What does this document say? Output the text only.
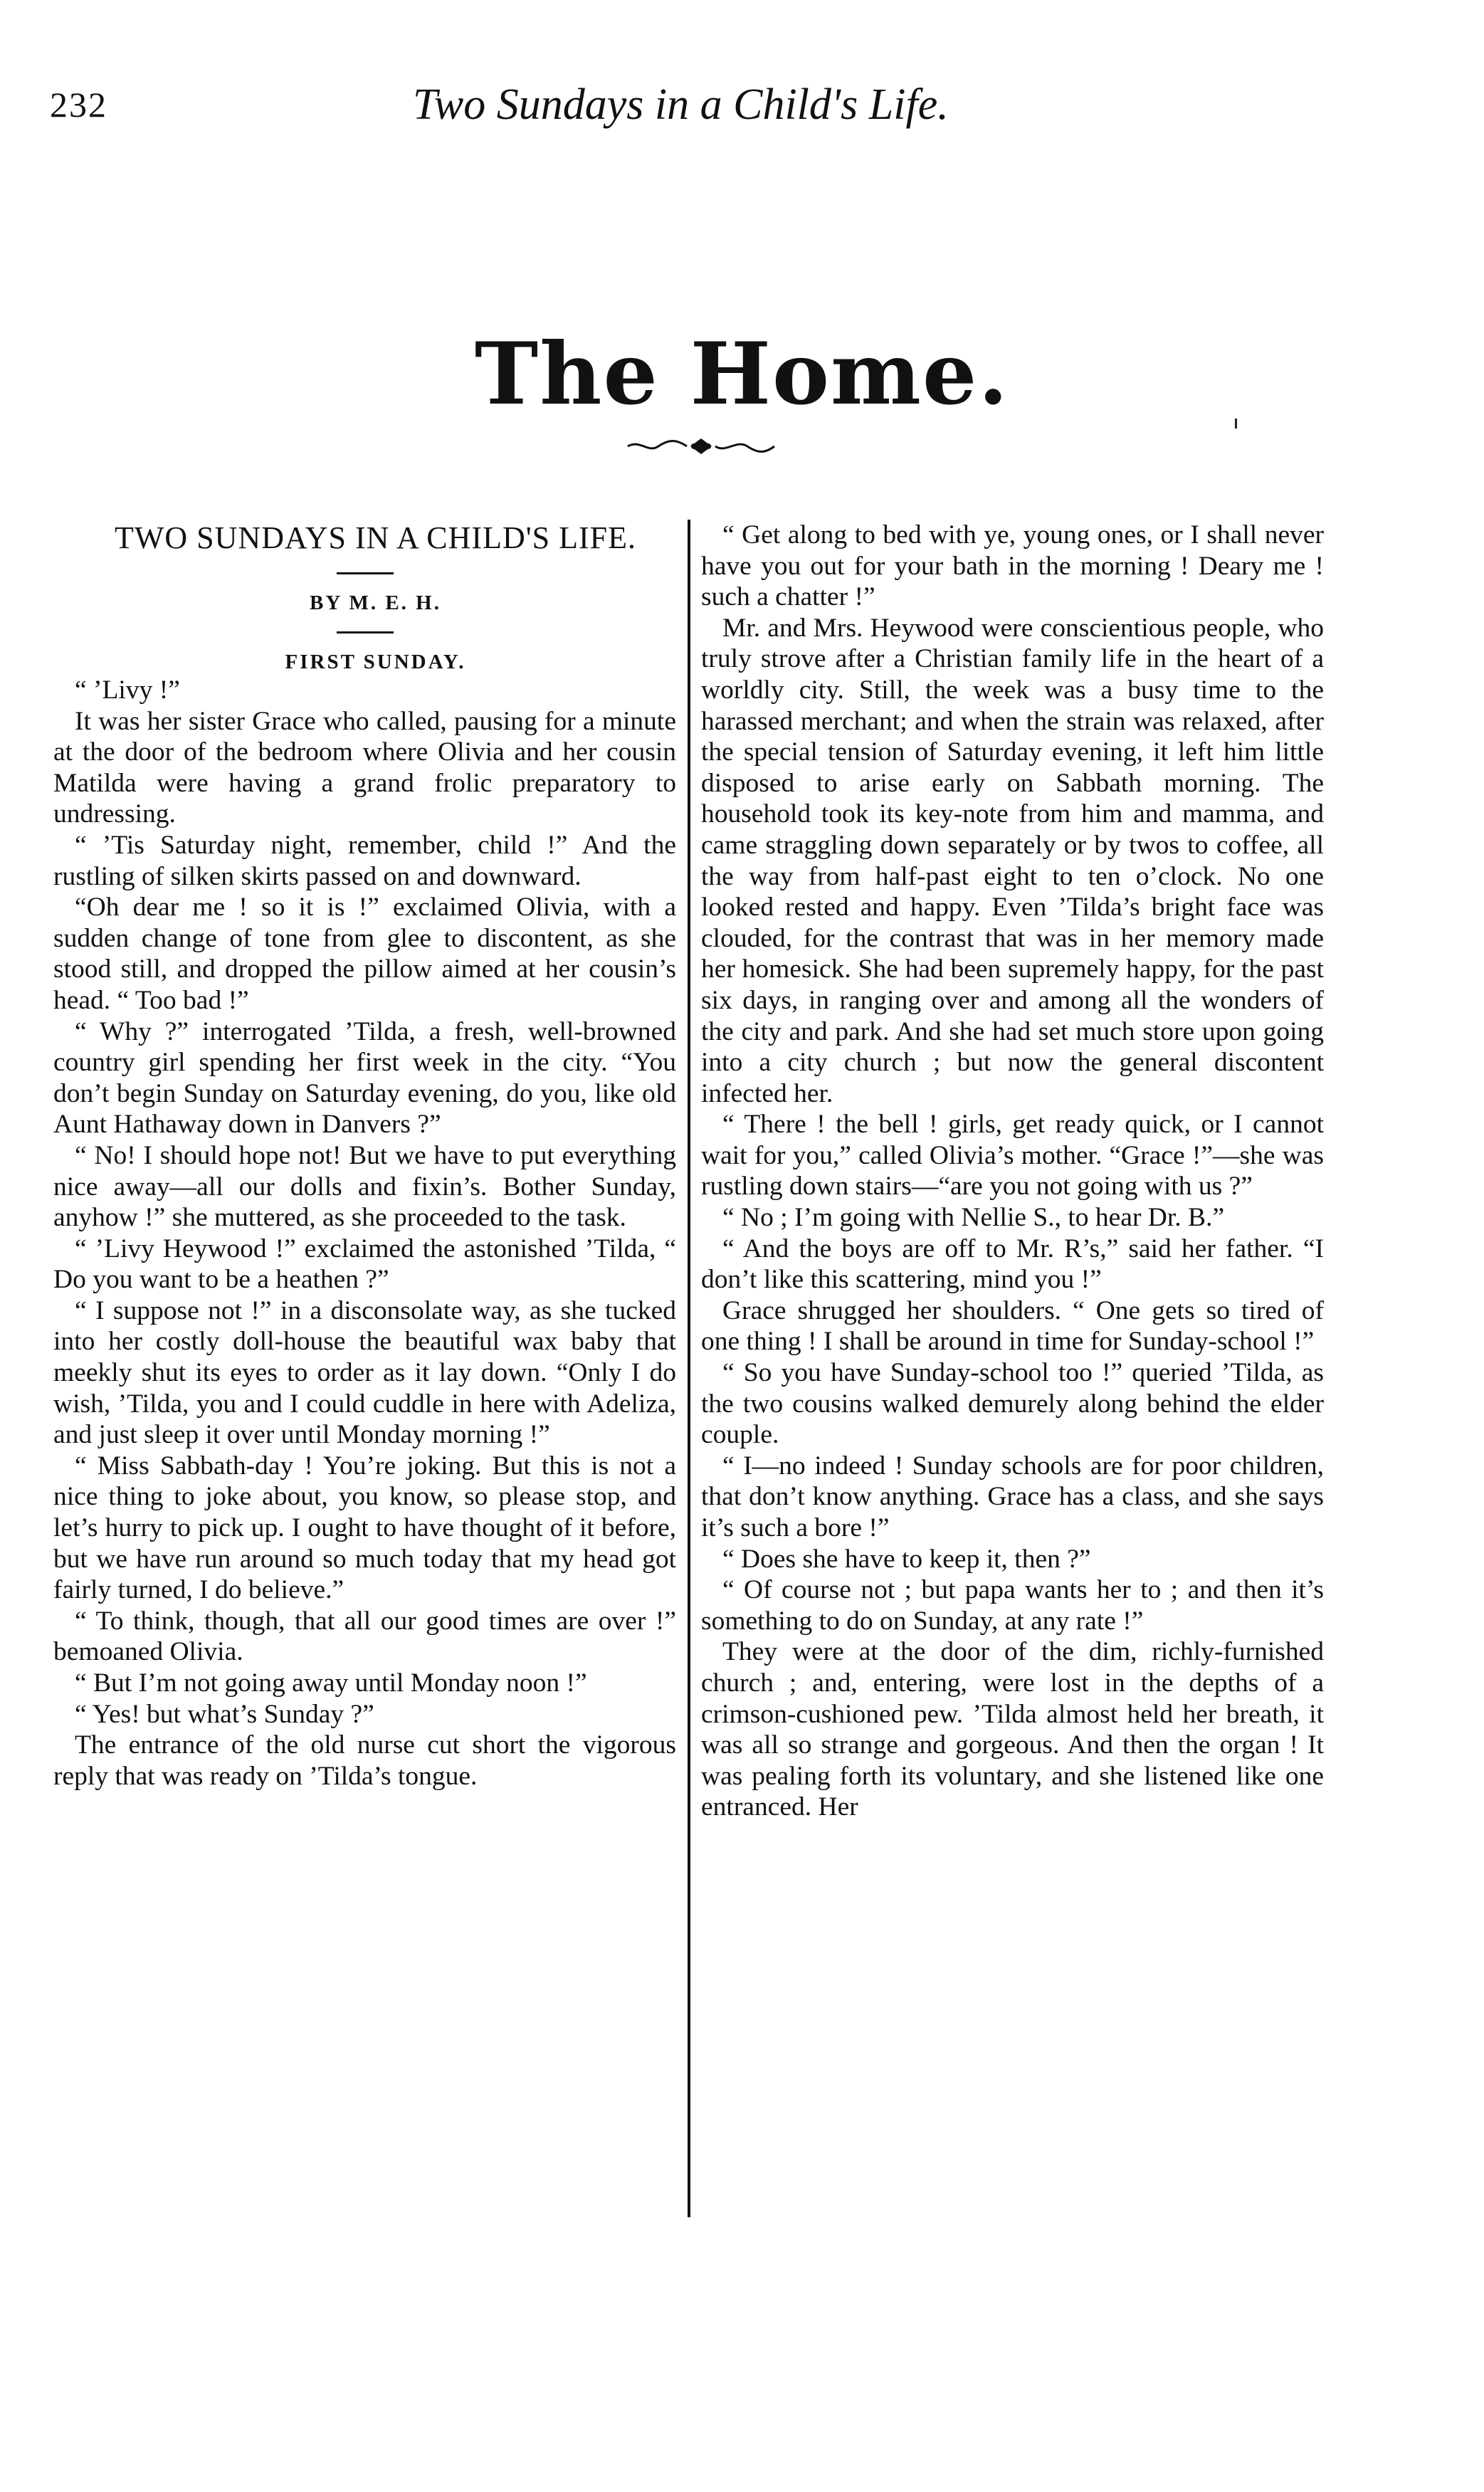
232	Two Sundays in a Child's Life.
The Home.

TWO SUNDAYS IN A CHILD'S LIFE.

BY M. E. H.

FIRST SUNDAY.

“ ’Livy !”

It was her sister Grace who called, pausing for a minute at the door of the bedroom where Olivia and her cousin Matilda were having a grand frolic preparatory to undressing.

“ ’Tis Saturday night, remember, child !” And the rustling of silken skirts passed on and downward.

“Oh dear me ! so it is !” exclaimed Olivia, with a sudden change of tone from glee to discontent, as she stood still, and dropped the pillow aimed at her cousin’s head. “ Too bad !”

“ Why ?” interrogated ’Tilda, a fresh, well-browned country girl spending her first week in the city. “You don’t begin Sunday on Saturday evening, do you, like old Aunt Hathaway down in Danvers ?”

“ No! I should hope not! But we have to put everything nice away—all our dolls and fixin’s. Bother Sunday, anyhow !” she muttered, as she proceeded to the task.

“ ’Livy Heywood !” exclaimed the astonished ’Tilda, “ Do you want to be a heathen ?”

“ I suppose not !” in a disconsolate way, as she tucked into her costly doll-house the beautiful wax baby that meekly shut its eyes to order as it lay down. “Only I do wish, ’Tilda, you and I could cuddle in here with Adeliza, and just sleep it over until Monday morning !”

“ Miss Sabbath-day ! You’re joking. But this is not a nice thing to joke about, you know, so please stop, and let’s hurry to pick up. I ought to have thought of it before, but we have run around so much today that my head got fairly turned, I do believe.”

“ To think, though, that all our good times are over !” bemoaned Olivia.

“ But I’m not going away until Monday noon !”

“ Yes! but what’s Sunday ?”

The entrance of the old nurse cut short the vigorous reply that was ready on ’Tilda’s tongue.

“ Get along to bed with ye, young ones, or I shall never have you out for your bath in the morning ! Deary me ! such a chatter !”

Mr. and Mrs. Heywood were conscientious people, who truly strove after a Christian family life in the heart of a worldly city. Still, the week was a busy time to the harassed merchant; and when the strain was relaxed, after the special tension of Saturday evening, it left him little disposed to arise early on Sabbath morning. The household took its key-note from him and mamma, and came straggling down separately or by twos to coffee, all the way from half-past eight to ten o’clock. No one looked rested and happy. Even ’Tilda’s bright face was clouded, for the contrast that was in her memory made her homesick. She had been supremely happy, for the past six days, in ranging over and among all the wonders of the city and park. And she had set much store upon going into a city church ; but now the general discontent infected her.

“ There ! the bell ! girls, get ready quick, or I cannot wait for you,” called Olivia’s mother. “Grace !”—she was rustling down stairs—“are you not going with us ?”

“ No ; I’m going with Nellie S., to hear Dr. B.”

“ And the boys are off to Mr. R’s,” said her father. “I don’t like this scattering, mind you !”

Grace shrugged her shoulders. “ One gets so tired of one thing ! I shall be around in time for Sunday-school !”

“ So you have Sunday-school too !” queried ’Tilda, as the two cousins walked demurely along behind the elder couple.

“ I—no indeed ! Sunday schools are for poor children, that don’t know anything. Grace has a class, and she says it’s such a bore !”

“ Does she have to keep it, then ?”

“ Of course not ; but papa wants her to ; and then it’s something to do on Sunday, at any rate !”

They were at the door of the dim, richly-furnished church ; and, entering, were lost in the depths of a crimson-cushioned pew. ’Tilda almost held her breath, it was all so strange and gorgeous. And then the organ ! It was pealing forth its voluntary, and she listened like one entranced. Her
